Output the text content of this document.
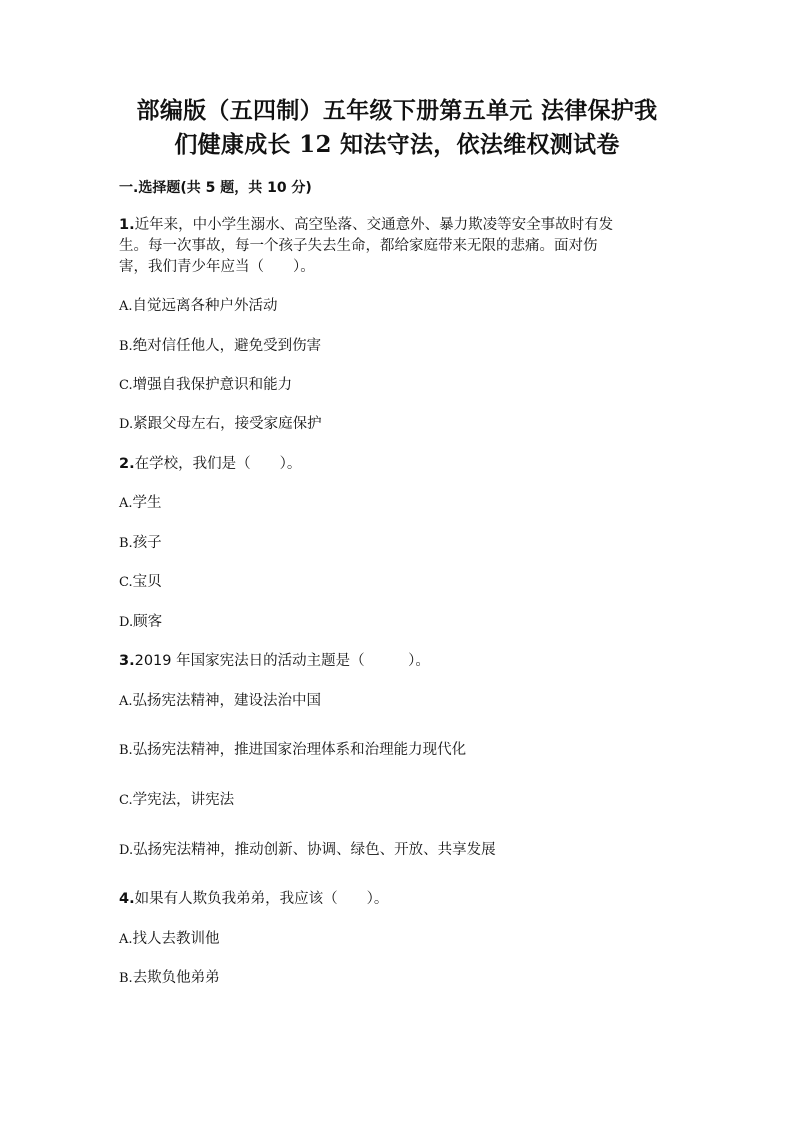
部编版（五四制）五年级下册第五单元 法律保护我
们健康成长 12 知法守法，依法维权测试卷

一.选择题(共 5 题，共 10 分)

1.近年来，中小学生溺水、高空坠落、交通意外、暴力欺凌等安全事故时有发

生。每一次事故，每一个孩子失去生命，都给家庭带来无限的悲痛。面对伤

害，我们青少年应当（　　）。

A.自觉远离各种户外活动

B.绝对信任他人，避免受到伤害

C.增强自我保护意识和能力

D.紧跟父母左右，接受家庭保护

2.在学校，我们是（　　）。

A.学生

B.孩子

C.宝贝

D.顾客

3.2019 年国家宪法日的活动主题是（　　　）。

A.弘扬宪法精神，建设法治中国

B.弘扬宪法精神，推进国家治理体系和治理能力现代化

C.学宪法，讲宪法

D.弘扬宪法精神，推动创新、协调、绿色、开放、共享发展

4.如果有人欺负我弟弟，我应该（　　）。

A.找人去教训他

B.去欺负他弟弟
